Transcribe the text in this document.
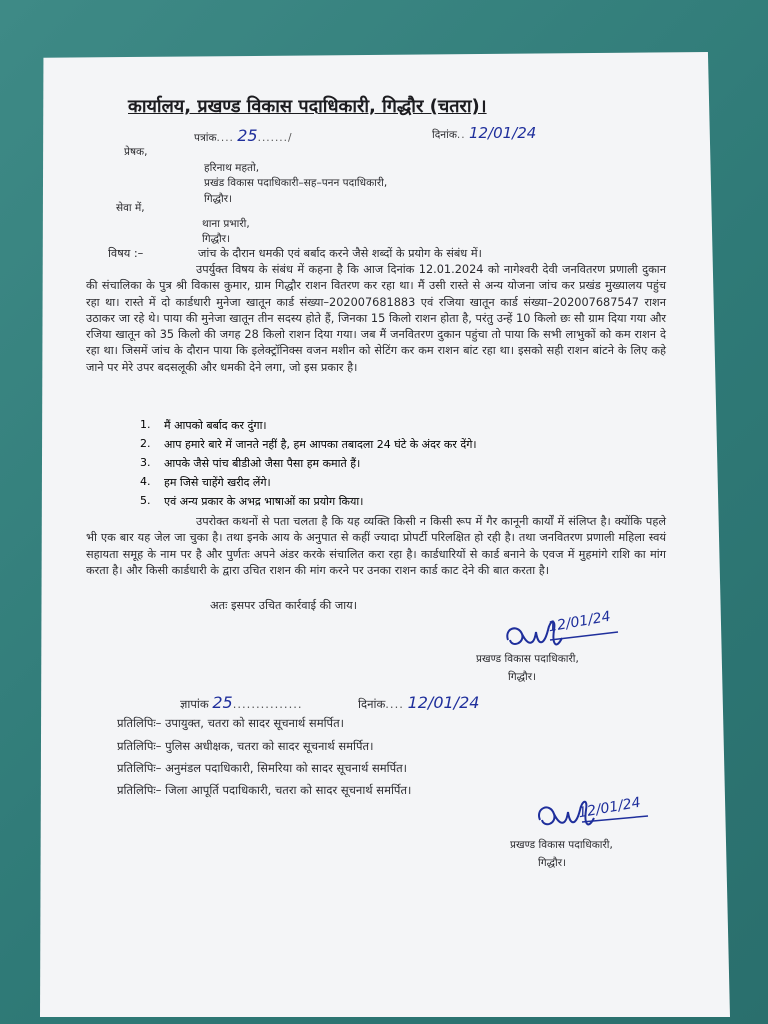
कार्यालय, प्रखण्ड विकास पदाधिकारी, गिद्धौर (चतरा)।
पत्रांक.... 25......./	दिनांक.. 12/01/24
प्रेषक,
हरिनाथ महतो,
प्रखंड विकास पदाधिकारी–सह–पनन पदाधिकारी,
गिद्धौर।
सेवा में,
थाना प्रभारी,
गिद्धौर।
विषय :–	जांच के दौरान धमकी एवं बर्बाद करने जैसे शब्दों के प्रयोग के संबंध में।
उपर्युक्त विषय के संबंध में कहना है कि आज दिनांक 12.01.2024 को नागेश्वरी देवी जनवितरण प्रणाली दुकान की संचालिका के पुत्र श्री विकास कुमार, ग्राम गिद्धौर राशन वितरण कर रहा था। मैं उसी रास्ते से अन्य योजना जांच कर प्रखंड मुख्यालय पहुंच रहा था। रास्ते में दो कार्डधारी मुनेजा खातून कार्ड संख्या–202007681883 एवं रजिया खातून कार्ड संख्या–202007687547 राशन उठाकर जा रहे थे। पाया की मुनेजा खातून तीन सदस्य होते हैं, जिनका 15 किलो राशन होता है, परंतु उन्हें 10 किलो छः सौ ग्राम दिया गया और रजिया खातून को 35 किलो की जगह 28 किलो राशन दिया गया। जब मैं जनवितरण दुकान पहुंचा तो पाया कि सभी लाभुकों को कम राशन दे रहा था। जिसमें जांच के दौरान पाया कि इलेक्ट्रॉनिक्स वजन मशीन को सेटिंग कर कम राशन बांट रहा था। इसको सही राशन बांटने के लिए कहे जाने पर मेरे उपर बदसलूकी और धमकी देने लगा, जो इस प्रकार है।
1.	मैं आपको बर्बाद कर दुंगा।
2.	आप हमारे बारे में जानते नहीं है, हम आपका तबादला 24 घंटे के अंदर कर देंगे।
3.	आपके जैसे पांच बीडीओ जैसा पैसा हम कमाते हैं।
4.	हम जिसे चाहेंगे खरीद लेंगे।
5.	एवं अन्य प्रकार के अभद्र भाषाओं का प्रयोग किया।
उपरोक्त कथनों से पता चलता है कि यह व्यक्ति किसी न किसी रूप में गैर कानूनी कार्यों में संलिप्त है। क्योंकि पहले भी एक बार यह जेल जा चुका है। तथा इनके आय के अनुपात से कहीं ज्यादा प्रोपर्टी परिलक्षित हो रही है। तथा जनवितरण प्रणाली महिला स्वयं सहायता समूह के नाम पर है और पुर्णतः अपने अंडर करके संचालित करा रहा है। कार्डधारियों से कार्ड बनाने के एवज में मुहमांगे राशि का मांग करता है। और किसी कार्डधारी के द्वारा उचित राशन की मांग करने पर उनका राशन कार्ड काट देने की बात करता है।
अतः इसपर उचित कार्रवाई की जाय।
12/01/24
प्रखण्ड विकास पदाधिकारी,
गिद्धौर।
ज्ञापांक 25...............	दिनांक.... 12/01/24
प्रतिलिपिः– उपायुक्त, चतरा को सादर सूचनार्थ समर्पित।
प्रतिलिपिः– पुलिस अधीक्षक, चतरा को सादर सूचनार्थ समर्पित।
प्रतिलिपिः– अनुमंडल पदाधिकारी, सिमरिया को सादर सूचनार्थ समर्पित।
प्रतिलिपिः– जिला आपूर्ति पदाधिकारी, चतरा को सादर सूचनार्थ समर्पित।
12/01/24
प्रखण्ड विकास पदाधिकारी,
गिद्धौर।
